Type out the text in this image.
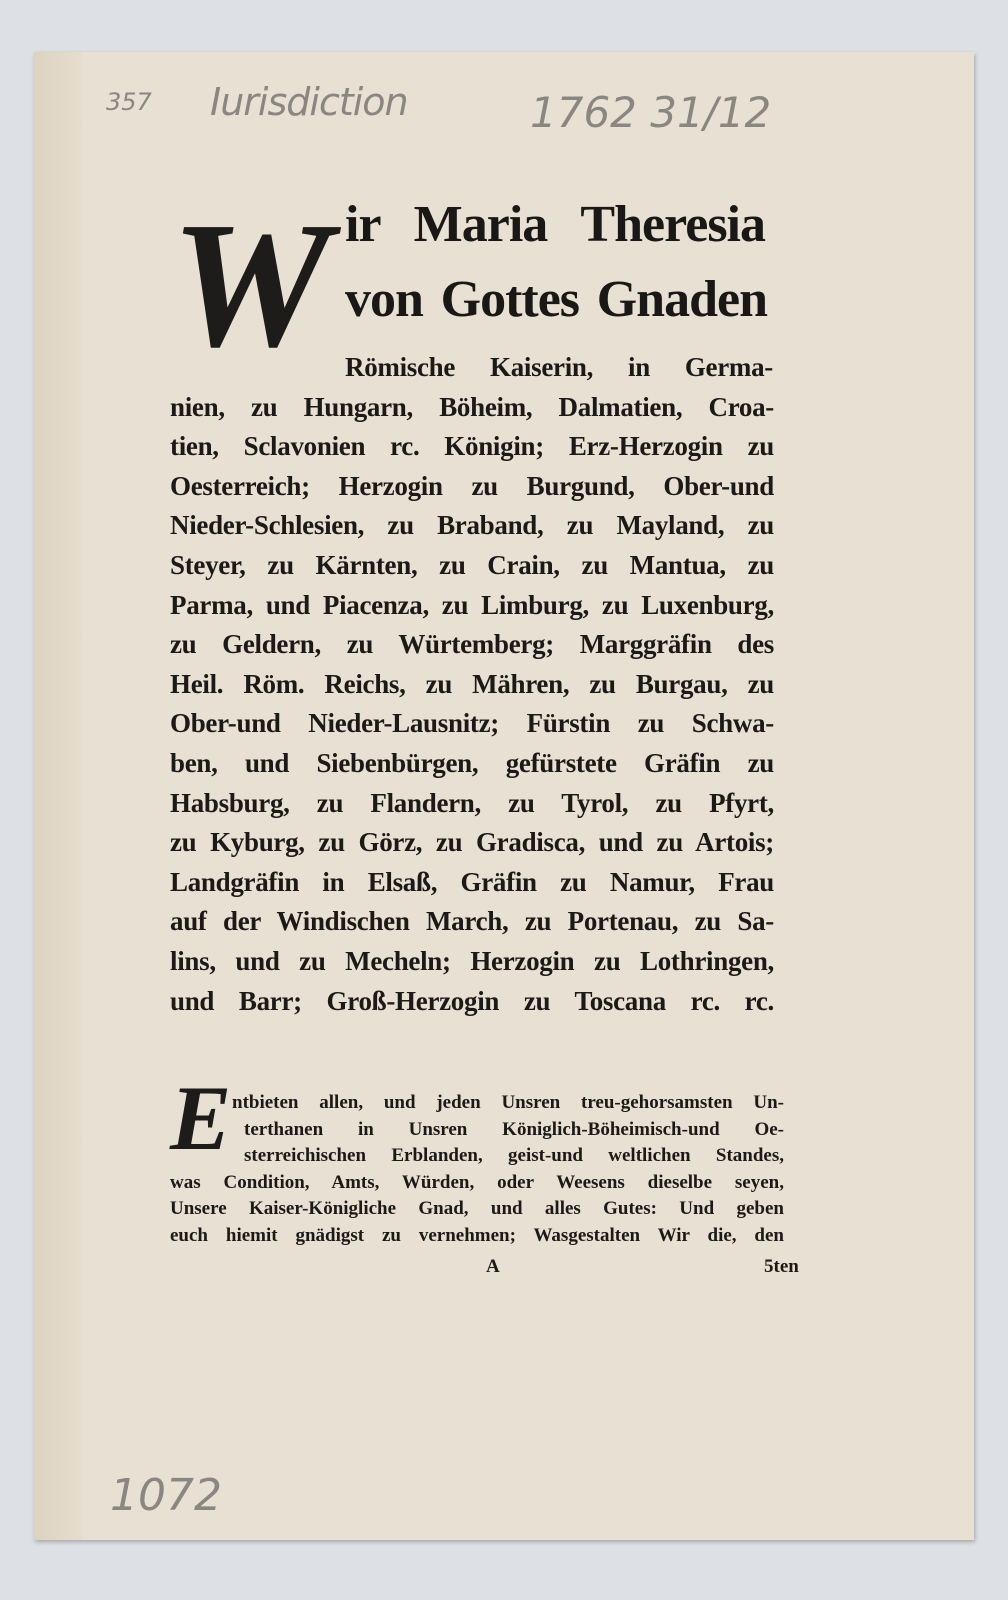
357 Iurisdiction	1762 31/12
1072
W ir Maria Theresia
von Gottes Gnaden
Römische Kaiserin, in Germa-
nien, zu Hungarn, Böheim, Dalmatien, Croa-
tien, Sclavonien rc. Königin; Erz-Herzogin zu
Oesterreich; Herzogin zu Burgund, Ober-und
Nieder-Schlesien, zu Braband, zu Mayland, zu
Steyer, zu Kärnten, zu Crain, zu Mantua, zu
Parma, und Piacenza, zu Limburg, zu Luxenburg,
zu Geldern, zu Würtemberg; Marggräfin des
Heil. Röm. Reichs, zu Mähren, zu Burgau, zu
Ober-und Nieder-Lausnitz; Fürstin zu Schwa-
ben, und Siebenbürgen, gefürstete Gräfin zu
Habsburg, zu Flandern, zu Tyrol, zu Pfyrt,
zu Kyburg, zu Görz, zu Gradisca, und zu Artois;
Landgräfin in Elsaß, Gräfin zu Namur, Frau
auf der Windischen March, zu Portenau, zu Sa-
lins, und zu Mecheln; Herzogin zu Lothringen,
und Barr; Groß-Herzogin zu Toscana rc. rc.
E ntbieten allen, und jeden Unsren treu-gehorsamsten Un-
terthanen in Unsren Königlich-Böheimisch-und Oe-
sterreichischen Erblanden, geist-und weltlichen Standes,
was Condition, Amts, Würden, oder Weesens dieselbe seyen,
Unsere Kaiser-Königliche Gnad, und alles Gutes: Und geben
euch hiemit gnädigst zu vernehmen; Wasgestalten Wir die, den
A	5ten
